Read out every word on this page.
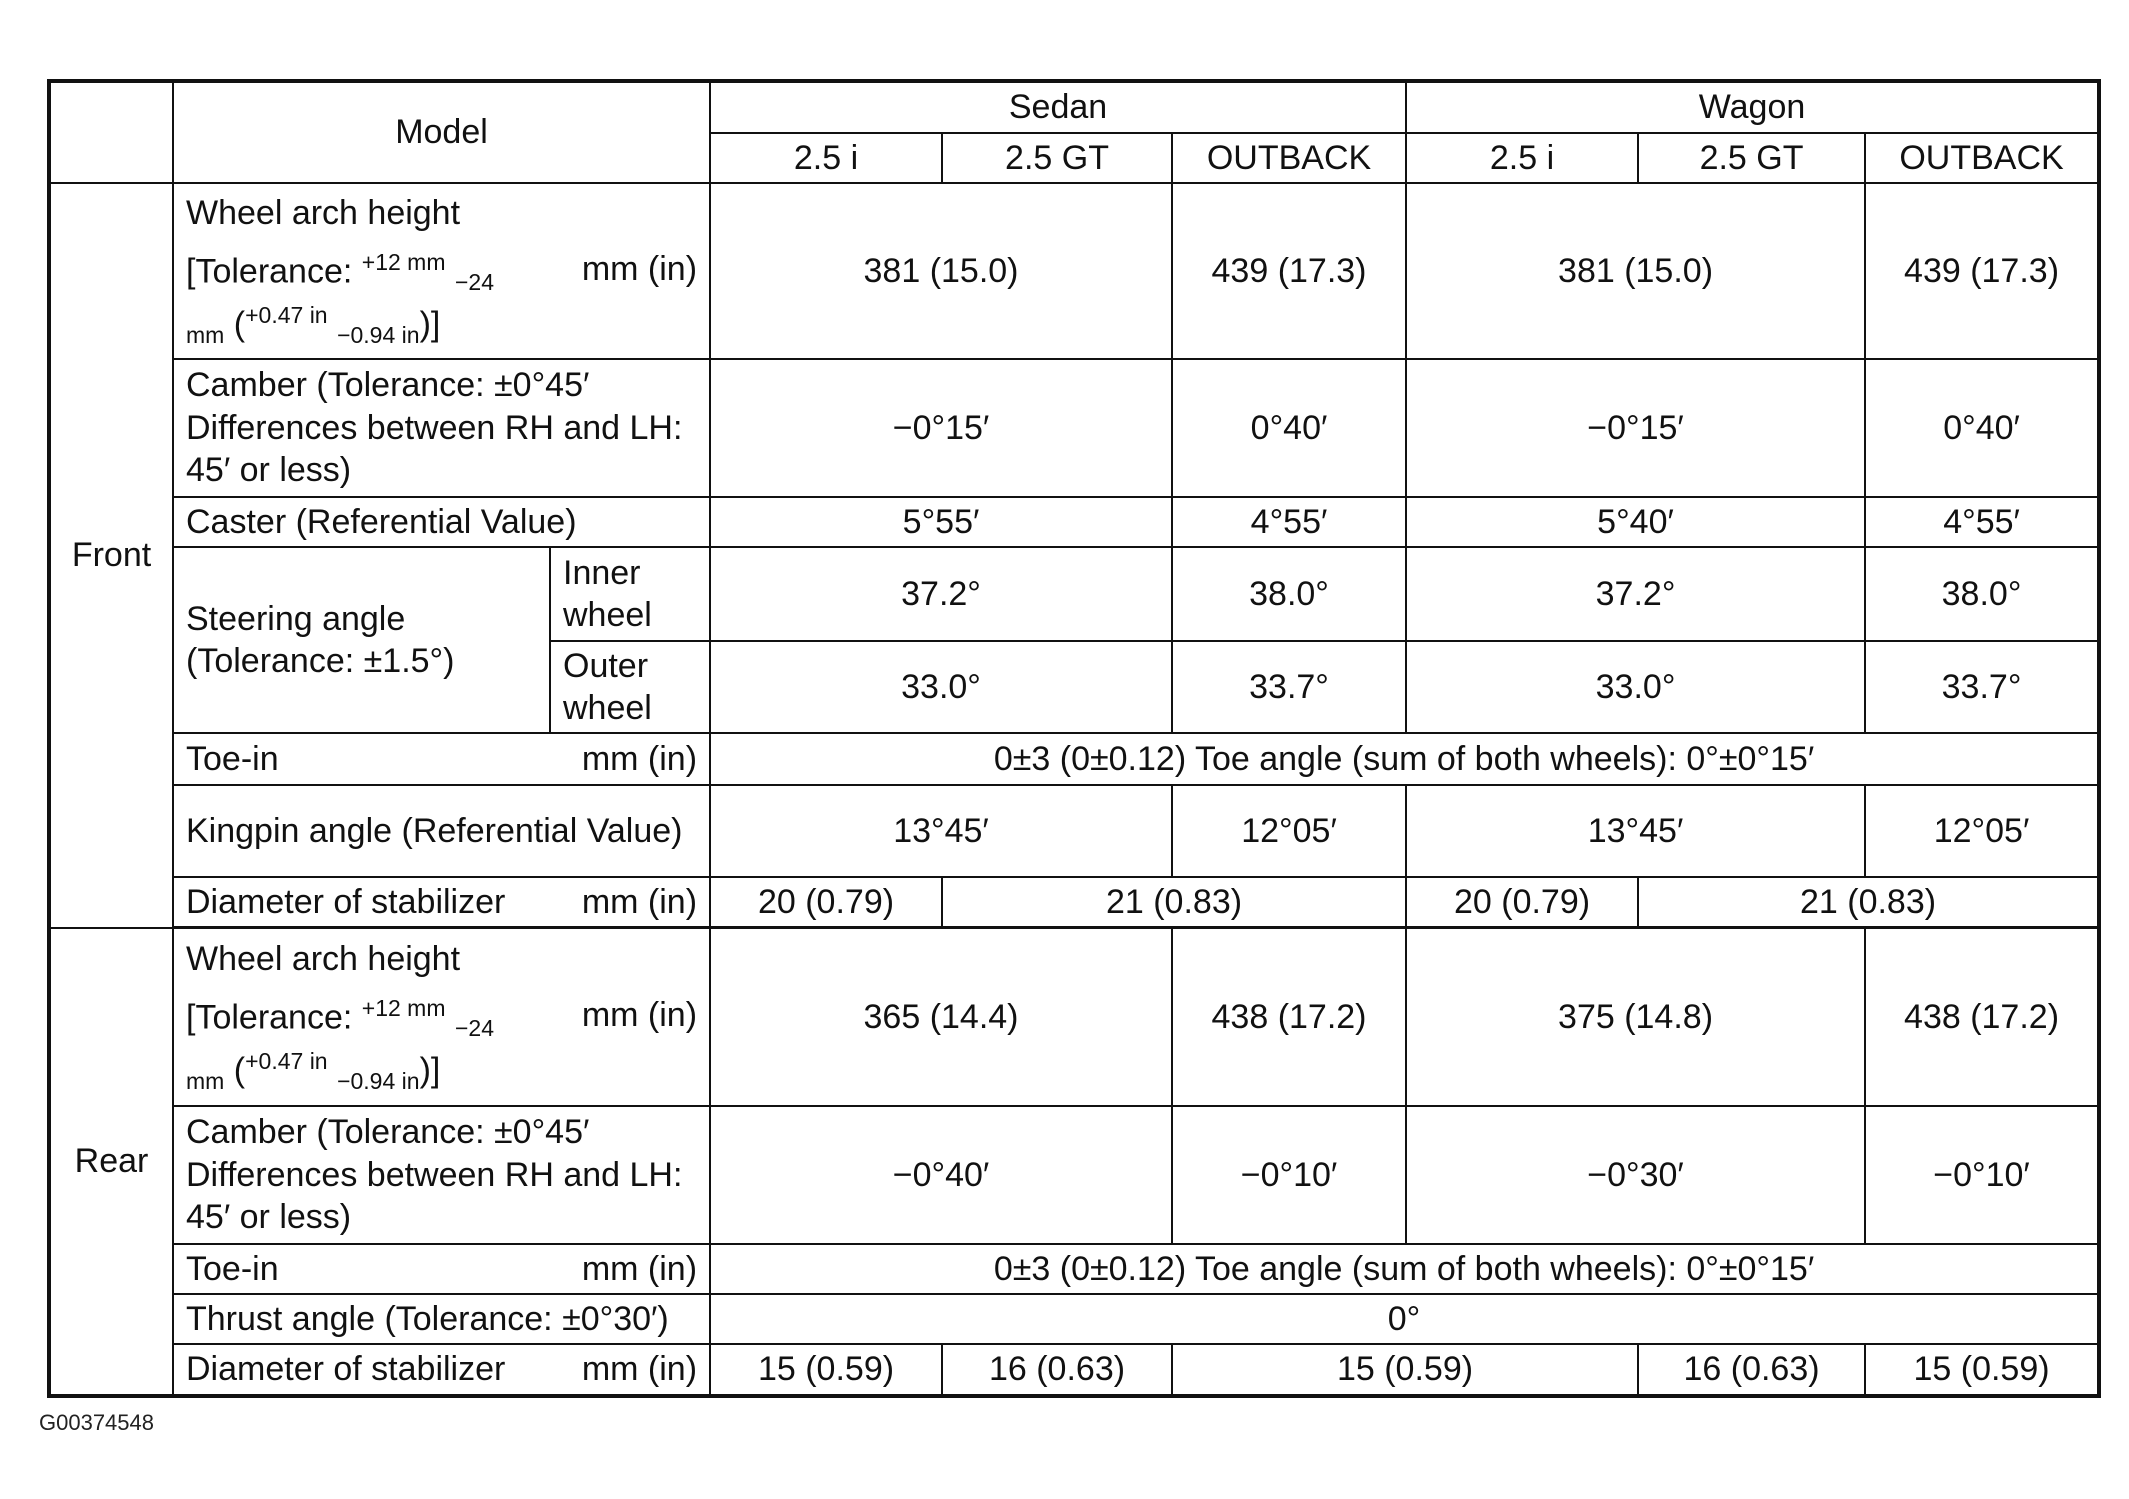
	Model		Sedan			Wagon		
			2.5 i	2.5 GT	OUTBACK	2.5 i	2.5 GT	OUTBACK
Front	Wheel arch height
[Tolerance: $^{+12 mm}$ $_{-24}$ mm (in)
$_{mm}$ ($^{+0.47 in}$ $_{-0.94 in}$)]		381 (15.0)		439 (17.3)	381 (15.0)		439 (17.3)
	Camber (Tolerance: ±0°45′ Differences between RH and LH: 45′ or less)		−0°15′		0°40′	−0°15′		0°40′
	Caster (Referential Value)		5°55′		4°55′	5°40′		4°55′
	Steering angle (Tolerance: ±1.5°)	Inner wheel	37.2°		38.0°	37.2°		38.0°
		Outer wheel	33.0°		33.7°	33.0°		33.7°

	Toe-in mm (in)		0±3 (0±0.12) Toe angle (sum of both wheels): 0°±0°15′					
	Kingpin angle (Referential Value)		13°45′		12°05′	13°45′		12°05′

	Diameter of stabilizer mm (in)		20 (0.79)	21 (0.83)		20 (0.79)	21 (0.83)	

Rear	Wheel arch height
[Tolerance: $^{+12 mm}$ $_{-24}$ mm (in)
$_{mm}$ ($^{+0.47 in}$ $_{-0.94 in}$)]		365 (14.4)		438 (17.2)	375 (14.8)		438 (17.2)
	Camber (Tolerance: ±0°45′ Differences between RH and LH: 45′ or less)		−0°40′		−0°10′	−0°30′		−0°10′

	Toe-in mm (in)		0±3 (0±0.12) Toe angle (sum of both wheels): 0°±0°15′					
	Thrust angle (Tolerance: ±0°30′)		0°					

	Diameter of stabilizer mm (in)		15 (0.59)	16 (0.63)	15 (0.59)		16 (0.63)	15 (0.59)
G00374548
